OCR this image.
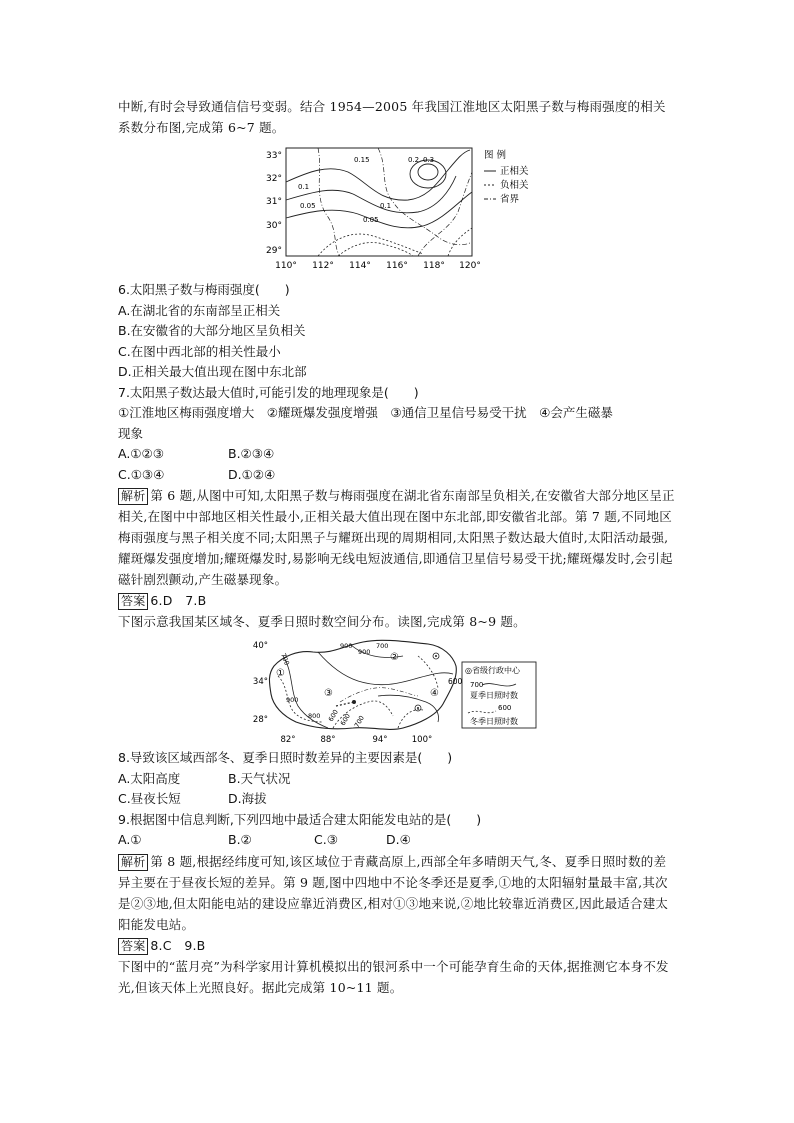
中断,有时会导致通信信号变弱。结合 1954—2005 年我国江淮地区太阳黑子数与梅雨强度的相关系数分布图,完成第 6~7 题。

33°
32°
31°
30°
29°
110° 112° 114° 116° 118° 120°
0.1
0.05
0.05
0.1
0.15	0.2 0.3	图 例
正相关
负相关
省界

6.太阳黑子数与梅雨强度(　　)

A.在湖北省的东南部呈正相关

B.在安徽省的大部分地区呈负相关

C.在图中西北部的相关性最小

D.正相关最大值出现在图中东北部

7.太阳黑子数达最大值时,可能引发的地理现象是(　　)

①江淮地区梅雨强度增大　②耀斑爆发强度增强　③通信卫星信号易受干扰　④会产生磁暴

现象

A.①②③	B.②③④
C.①③④	D.①②④

解析 第 6 题,从图中可知,太阳黑子数与梅雨强度在湖北省东南部呈负相关,在安徽省大部分地区呈正相关,在图中中部地区相关性最小,正相关最大值出现在图中东北部,即安徽省北部。第 7 题,不同地区梅雨强度与黑子相关度不同;太阳黑子与耀斑出现的周期相同,太阳黑子数达最大值时,太阳活动最强,耀斑爆发强度增加;耀斑爆发时,易影响无线电短波通信,即通信卫星信号易受干扰;耀斑爆发时,会引起磁针剧烈颤动,产生磁暴现象。

答案 6.D　7.B

下图示意我国某区域冬、夏季日照时数空间分布。读图,完成第 8~9 题。

40°
34°
28°
82°	88°	94°	100°
①
②
③	④
700
900
900
700
900
800 600
600 700
600
◎省级行政中心
700
夏季日照时数
600
冬季日照时数

8.导致该区域西部冬、夏季日照时数差异的主要因素是(　　)

A.太阳高度	B.天气状况
C.昼夜长短	D.海拔

9.根据图中信息判断,下列四地中最适合建太阳能发电站的是(　　)

A.①	B.②	C.③	D.④

解析 第 8 题,根据经纬度可知,该区域位于青藏高原上,西部全年多晴朗天气,冬、夏季日照时数的差异主要在于昼夜长短的差异。第 9 题,图中四地中不论冬季还是夏季,①地的太阳辐射量最丰富,其次是②③地,但太阳能电站的建设应靠近消费区,相对①③地来说,②地比较靠近消费区,因此最适合建太阳能发电站。

答案 8.C　9.B

下图中的“蓝月亮”为科学家用计算机模拟出的银河系中一个可能孕育生命的天体,据推测它本身不发光,但该天体上光照良好。据此完成第 10~11 题。
